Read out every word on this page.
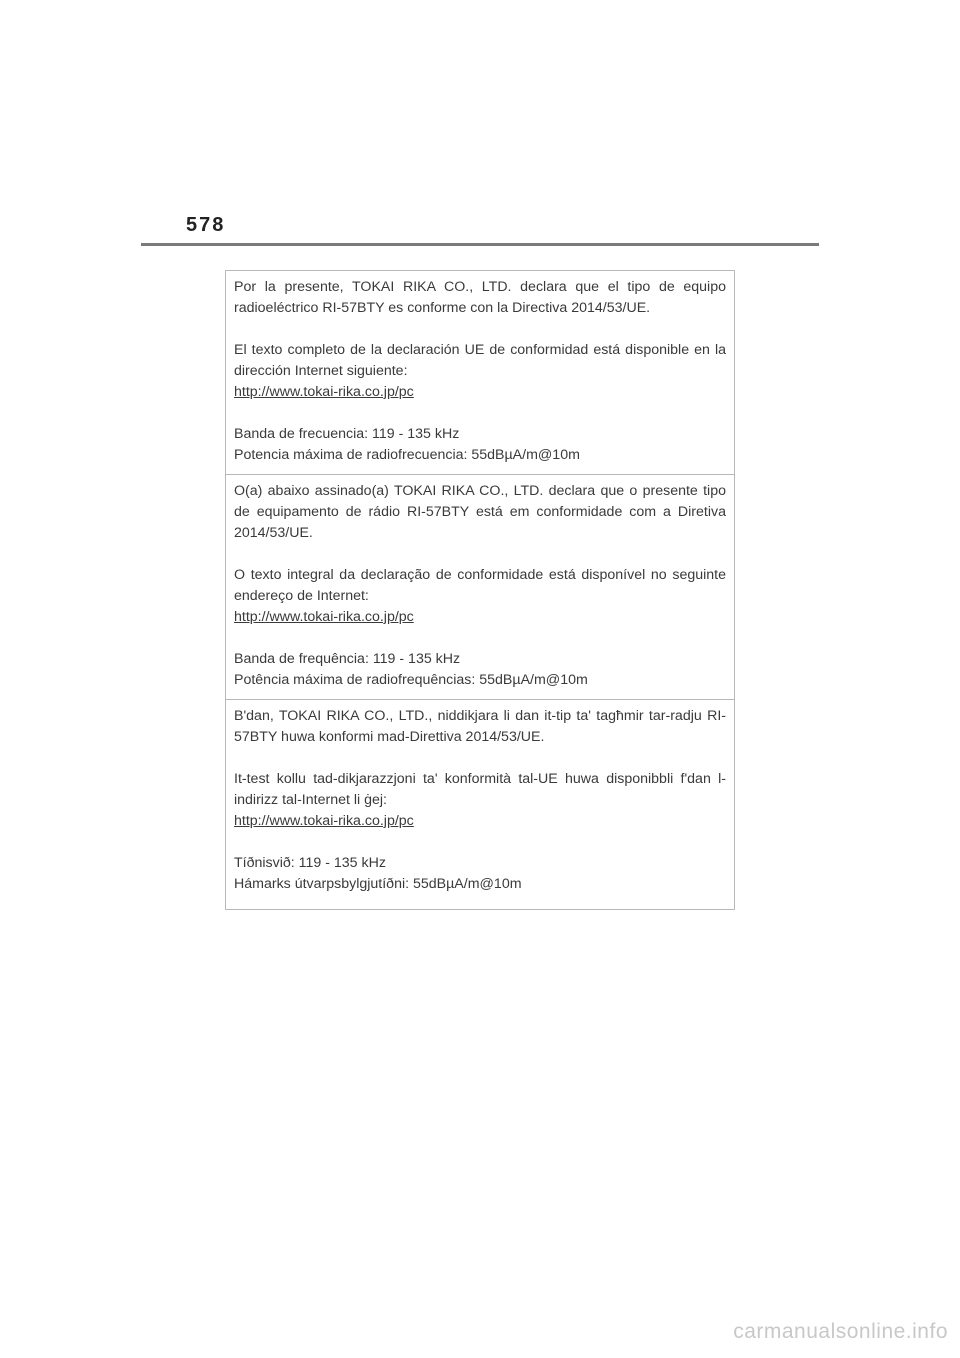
578

Por la presente, TOKAI RIKA CO., LTD. declara que el tipo de equipo radioeléctrico RI-57BTY es conforme con la Directiva 2014/53/UE.

El texto completo de la declaración UE de conformidad está disponible en la dirección Internet siguiente:

http://www.tokai-rika.co.jp/pc
Banda de frecuencia: 119 - 135 kHz
Potencia máxima de radiofrecuencia: 55dBµA/m@10m

O(a) abaixo assinado(a) TOKAI RIKA CO., LTD. declara que o presente tipo de equipamento de rádio RI-57BTY está em conformidade com a Diretiva 2014/53/UE.

O texto integral da declaração de conformidade está disponível no seguinte endereço de Internet:

http://www.tokai-rika.co.jp/pc
Banda de frequência: 119 - 135 kHz
Potência máxima de radiofrequências: 55dBµA/m@10m

B'dan, TOKAI RIKA CO., LTD., niddikjara li dan it-tip ta' tagħmir tar-radju RI-57BTY huwa konformi mad-Direttiva 2014/53/UE.

It-test kollu tad-dikjarazzjoni ta' konformità tal-UE huwa disponibbli f'dan l-indirizz tal-Internet li ġej:

http://www.tokai-rika.co.jp/pc
Tíðnisvið: 119 - 135 kHz
Hámarks útvarpsbylgjutíðni: 55dBµA/m@10m
carmanualsonline.info
